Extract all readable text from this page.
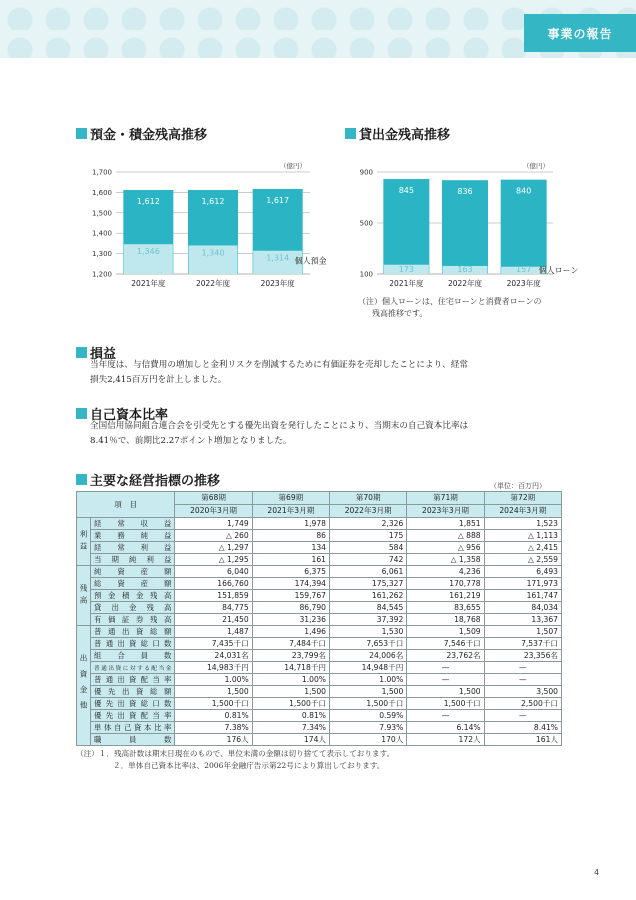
事業の報告
預金・積金残高推移
（億円）
1,200
1,300
1,400
1,500
1,600
1,700
1,612
1,346
2021年度
1,612
1,340
2022年度
1,617
1,314
2023年度
個人預金
貸出金残高推移
（億円）
100
500
900
845
173
2021年度
836
163
2022年度
840
157
2023年度
個人ローン
（注）個人ローンは、住宅ローンと消費者ローンの
残高推移です。
損益
当年度は、与信費用の増加しと金利リスクを削減するために有価証券を売却したことにより、経常
損失2,415百万円を計上しました。
自己資本比率
全国信用協同組合連合会を引受先とする優先出資を発行したことにより、当期末の自己資本比率は
8.41％で、前期比2.27ポイント増加となりました。
主要な経営指標の推移	（単位：百万円）
項　目		第68期	第69期	第70期	第71期	第72期
		2020年3月期	2021年3月期	2022年3月期	2023年3月期	2024年3月期
利益	経常収益	1,749	1,978	2,326	1,851	1,523
	業務純益	△ 260	86	175	△ 888	△ 1,113
	経常利益	△ 1,297	134	584	△ 956	△ 2,415
	当期純利益	△ 1,295	161	742	△ 1,358	△ 2,559
残高	純資産額	6,040	6,375	6,061	4,236	6,493
	総資産額	166,760	174,394	175,327	170,778	171,973
	預金積金残高	151,859	159,767	161,262	161,219	161,747
	貸出金残高	84,775	86,790	84,545	83,655	84,034
	有価証券残高	21,450	31,236	37,392	18,768	13,367
出資金他	普通出資総額	1,487	1,496	1,530	1,509	1,507
	普通出資総口数	7,435千口	7,484千口	7,653千口	7,546千口	7,537千口
	組合員数	24,031名	23,799名	24,006名	23,762名	23,356名
	普通出資に対する配当金	14,983千円	14,718千円	14,948千円	—	—
	普通出資配当率	1.00%	1.00%	1.00%	—	—
	優先出資総額	1,500	1,500	1,500	1,500	3,500
	優先出資総口数	1,500千口	1,500千口	1,500千口	1,500千口	2,500千口
	優先出資配当率	0.81%	0.81%	0.59%	—	—
	単体自己資本比率	7.38%	7.34%	7.93%	6.14%	8.41%
	職員数	176人	174人	170人	172人	161人
（注）１．残高計数は期末日現在のもので、単位未満の金額は切り捨てて表示しております。
２．単体自己資本比率は、2006年金融庁告示第22号により算出しております。
4
